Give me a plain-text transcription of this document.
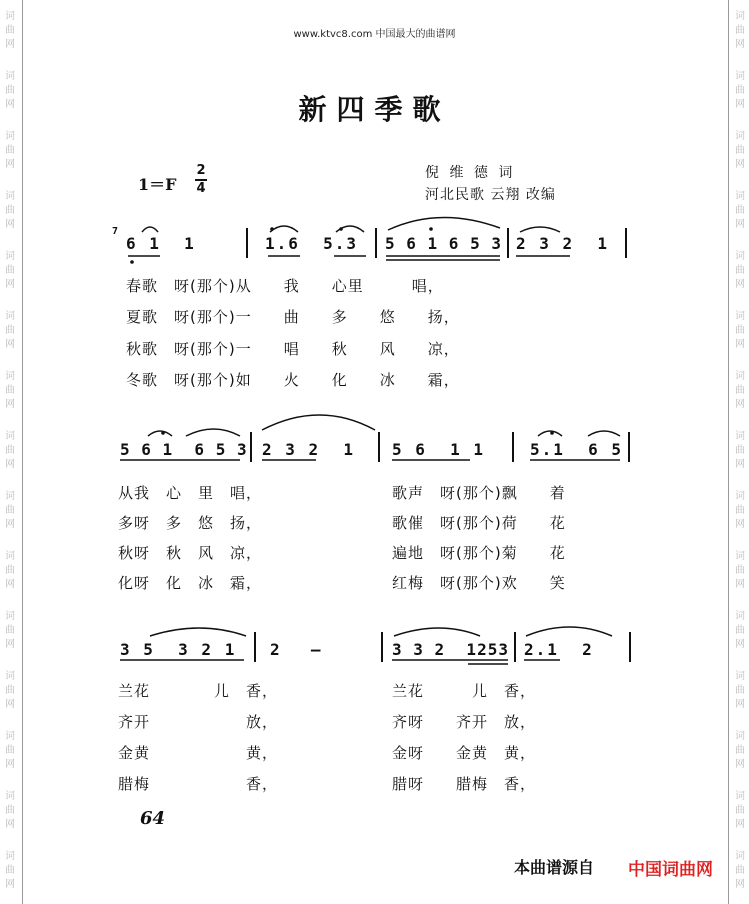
词
曲
网
词
曲
网
词
曲
网
词
曲
网
词
曲
网
词
曲
网
词
曲
网
词
曲
网
词
曲
网
词
曲
网
词
曲
网
词
曲
网
词
曲
网
词
曲
网
词
曲
网
词
曲
网
词
曲
网
词
曲
网
词
曲
网
词
曲
网
词
曲
网
词
曲
网
词
曲
网
词
曲
网
词
曲
网
词
曲
网
词
曲
网
词
曲
网
词
曲
网
词
曲
网
www.ktvc8.com 中国最大的曲谱网
新四季歌
1＝F
2
4
倪 维 德 词
河北民歌 云翔 改编
7
6 1  1	1.6  5.3 5 6 1 6 5 3 2 3 2  1
春歌　呀(那个)从　　我　　心里　　　唱，
夏歌　呀(那个)一　　曲　　多　　悠　　扬，
秋歌　呀(那个)一　　唱　　秋　　风　　凉，
冬歌　呀(那个)如　　火　　化　　冰　　霜，
5 6 1  6 5 3 2 3 2  1 5 6  1 1	5.1  6 5
从我　心　里　唱，
多呀　多　悠　扬，
秋呀　秋　风　凉，
化呀　化　冰　霜，
歌声　呀(那个)飘　　着
歌催　呀(那个)荷　　花
遍地　呀(那个)菊　　花
红梅　呀(那个)欢　　笑
3 5  3 2 1 2  —	3 3 2  1253 2.1  2
兰花　　　　儿　香，
齐开　　　　　　放，
金黄　　　　　　黄，
腊梅　　　　　　香，
兰花　　　儿　香，
齐呀　　齐开　放，
金呀　　金黄　黄，
腊呀　　腊梅　香，
64
本曲谱源自 中国词曲网
